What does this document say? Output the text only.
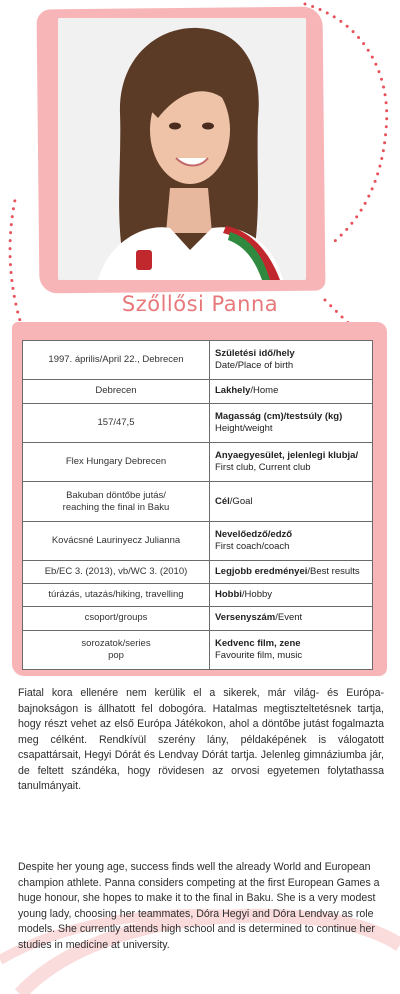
Szőllősi Panna
1997. április/April 22., Debrecen	Születési idő/hely
Date/Place of birth

Debrecen	Lakhely/Home
157/47,5	Magasság (cm)/testsúly (kg)
Height/weight

Flex Hungary Debrecen	Anyaegyesület, jelenlegi klubja/
First club, Current club

Bakuban döntőbe jutás/
reaching the final in Baku	Cél/Goal
Kovácsné Laurinyecz Julianna	Nevelőedző/edző
First coach/coach

Eb/EC 3. (2013), vb/WC 3. (2010)	Legjobb eredményei/Best results
túrázás, utazás/hiking, travelling	Hobbi/Hobby
csoport/groups	Versenyszám/Event
sorozatok/series
pop	Kedvenc film, zene
Favourite film, music

Fiatal kora ellenére nem kerülik el a sikerek, már világ- és Európa-bajnokságon is állhatott fel dobogóra. Hatalmas megtiszteltetésnek tartja, hogy részt vehet az első Európa Játékokon, ahol a döntőbe jutást fogalmazta meg célként. Rendkívül szerény lány, példaképének is válogatott csapattársait, Hegyi Dórát és Lendvay Dórát tartja. Jelenleg gimnáziumba jár, de feltett szándéka, hogy rövidesen az orvosi egyetemen folytathassa tanulmányait.

Despite her young age, success finds well the already World and European champion athlete. Panna considers competing at the first European Games a huge honour, she hopes to make it to the final in Baku. She is a very modest young lady, choosing her teammates, Dóra Hegyi and Dóra Lendvay as role models. She currently attends high school and is determined to continue her studies in medicine at university.
